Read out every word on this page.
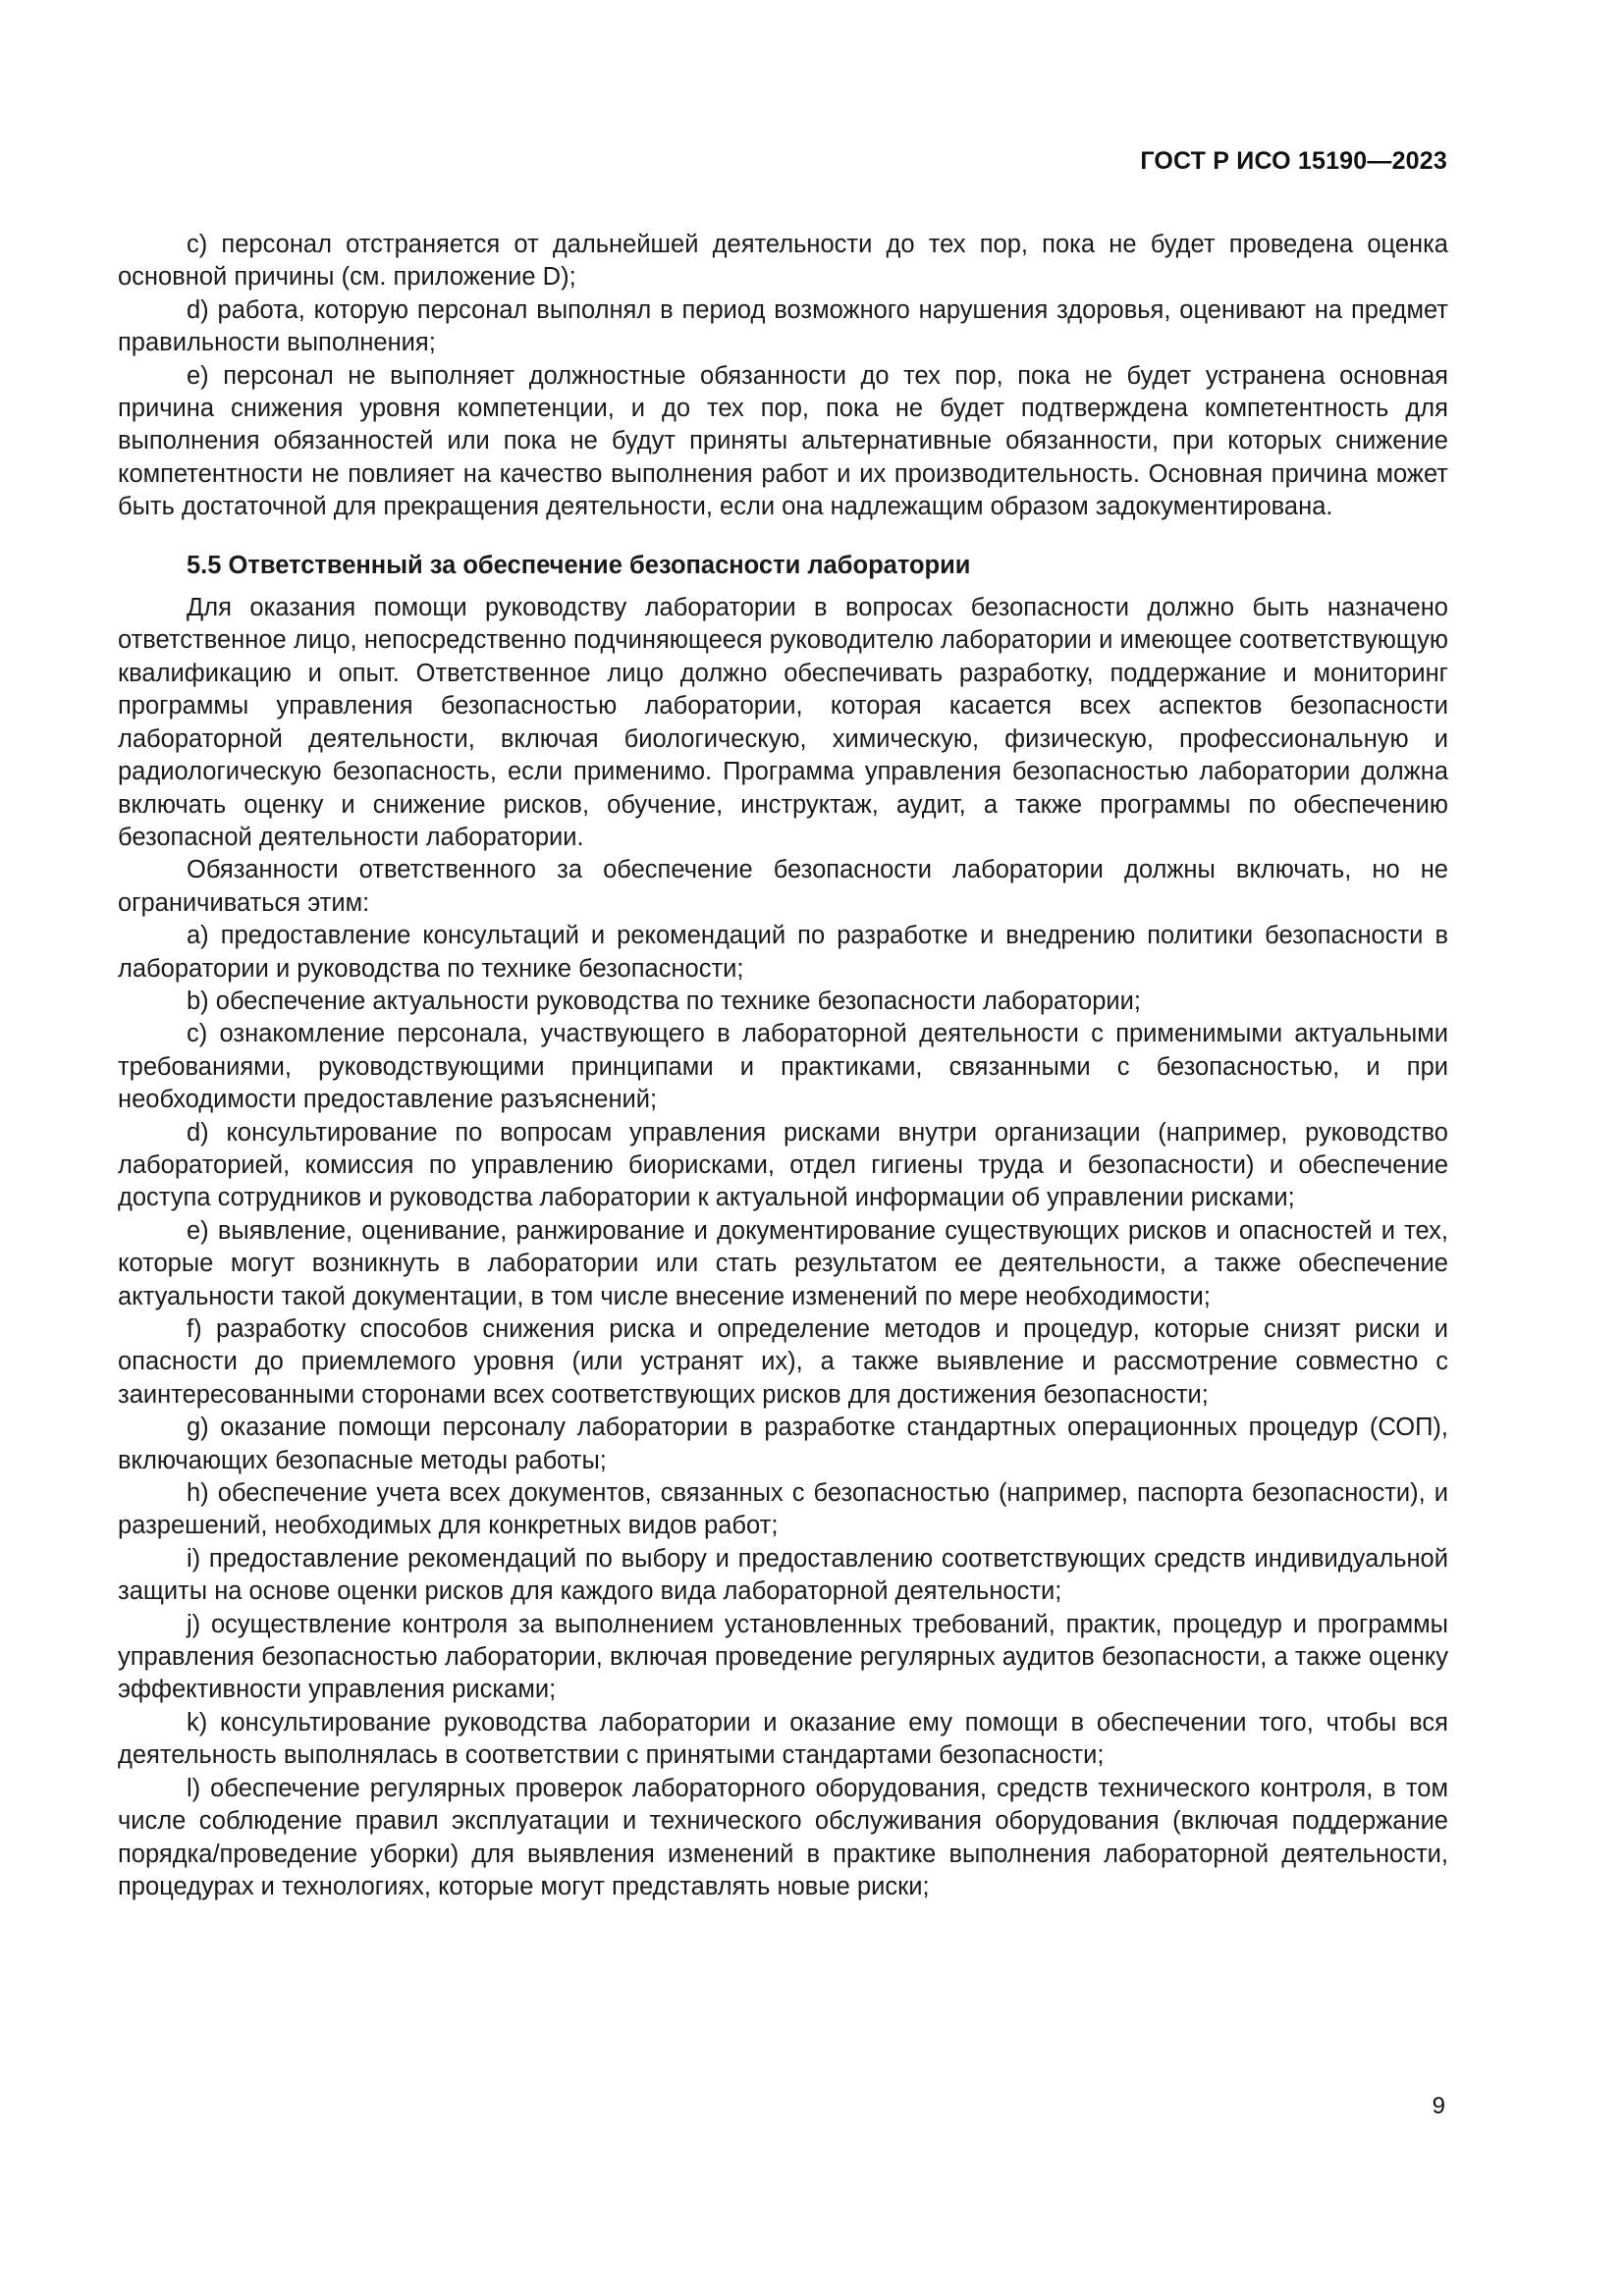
ГОСТ Р ИСО 15190—2023

c) персонал отстраняется от дальнейшей деятельности до тех пор, пока не будет проведена оценка основной причины (см. приложение D);

d) работа, которую персонал выполнял в период возможного нарушения здоровья, оценивают на предмет правильности выполнения;

e) персонал не выполняет должностные обязанности до тех пор, пока не будет устранена основная причина снижения уровня компетенции, и до тех пор, пока не будет подтверждена компетентность для выполнения обязанностей или пока не будут приняты альтернативные обязанности, при которых снижение компетентности не повлияет на качество выполнения работ и их производительность. Основная причина может быть достаточной для прекращения деятельности, если она надлежащим образом задокументирована.

5.5 Ответственный за обеспечение безопасности лаборатории

Для оказания помощи руководству лаборатории в вопросах безопасности должно быть назначено ответственное лицо, непосредственно подчиняющееся руководителю лаборатории и имеющее соответствующую квалификацию и опыт. Ответственное лицо должно обеспечивать разработку, поддержание и мониторинг программы управления безопасностью лаборатории, которая касается всех аспектов безопасности лабораторной деятельности, включая биологическую, химическую, физическую, профессиональную и радиологическую безопасность, если применимо. Программа управления безопасностью лаборатории должна включать оценку и снижение рисков, обучение, инструктаж, аудит, а также программы по обеспечению безопасной деятельности лаборатории.

Обязанности ответственного за обеспечение безопасности лаборатории должны включать, но не ограничиваться этим:

a) предоставление консультаций и рекомендаций по разработке и внедрению политики безопасности в лаборатории и руководства по технике безопасности;

b) обеспечение актуальности руководства по технике безопасности лаборатории;

c) ознакомление персонала, участвующего в лабораторной деятельности с применимыми актуальными требованиями, руководствующими принципами и практиками, связанными с безопасностью, и при необходимости предоставление разъяснений;

d) консультирование по вопросам управления рисками внутри организации (например, руководство лабораторией, комиссия по управлению биорисками, отдел гигиены труда и безопасности) и обеспечение доступа сотрудников и руководства лаборатории к актуальной информации об управлении рисками;

e) выявление, оценивание, ранжирование и документирование существующих рисков и опасностей и тех, которые могут возникнуть в лаборатории или стать результатом ее деятельности, а также обеспечение актуальности такой документации, в том числе внесение изменений по мере необходимости;

f) разработку способов снижения риска и определение методов и процедур, которые снизят риски и опасности до приемлемого уровня (или устранят их), а также выявление и рассмотрение совместно с заинтересованными сторонами всех соответствующих рисков для достижения безопасности;

g) оказание помощи персоналу лаборатории в разработке стандартных операционных процедур (СОП), включающих безопасные методы работы;

h) обеспечение учета всех документов, связанных с безопасностью (например, паспорта безопасности), и разрешений, необходимых для конкретных видов работ;

i) предоставление рекомендаций по выбору и предоставлению соответствующих средств индивидуальной защиты на основе оценки рисков для каждого вида лабораторной деятельности;

j) осуществление контроля за выполнением установленных требований, практик, процедур и программы управления безопасностью лаборатории, включая проведение регулярных аудитов безопасности, а также оценку эффективности управления рисками;

k) консультирование руководства лаборатории и оказание ему помощи в обеспечении того, чтобы вся деятельность выполнялась в соответствии с принятыми стандартами безопасности;

l) обеспечение регулярных проверок лабораторного оборудования, средств технического контроля, в том числе соблюдение правил эксплуатации и технического обслуживания оборудования (включая поддержание порядка/проведение уборки) для выявления изменений в практике выполнения лабораторной деятельности, процедурах и технологиях, которые могут представлять новые риски;

9
